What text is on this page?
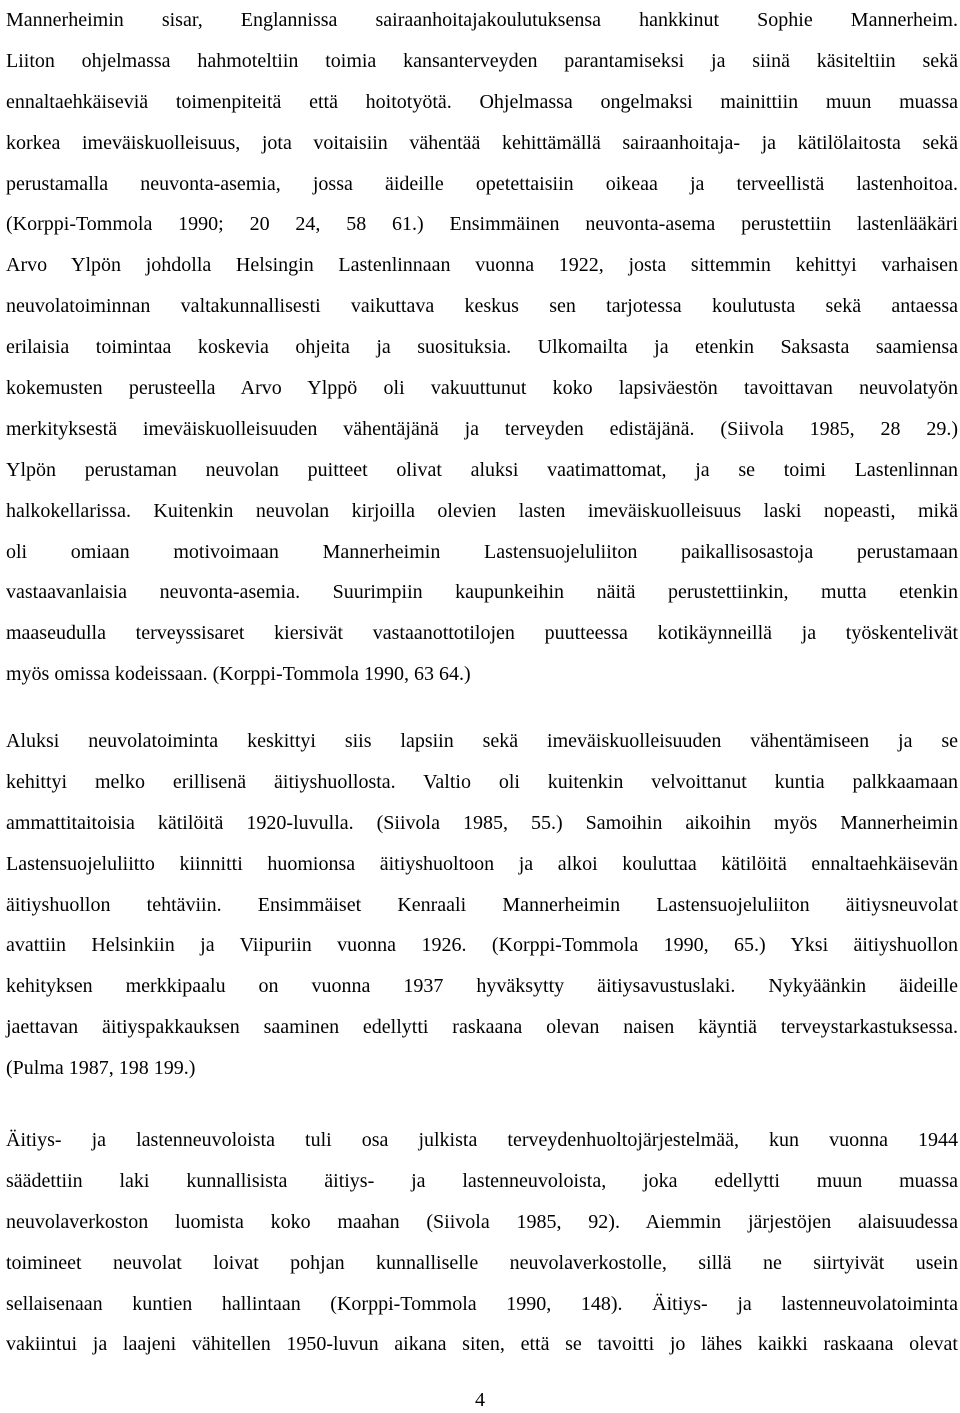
Mannerheimin sisar, Englannissa sairaanhoitajakoulutuksensa hankkinut Sophie Mannerheim.
Liiton ohjelmassa hahmoteltiin toimia kansanterveyden parantamiseksi ja siinä käsiteltiin sekä
ennaltaehkäiseviä toimenpiteitä että hoitotyötä. Ohjelmassa ongelmaksi mainittiin muun muassa
korkea imeväiskuolleisuus, jota voitaisiin vähentää kehittämällä sairaanhoitaja- ja kätilölaitosta sekä
perustamalla neuvonta-asemia, jossa äideille opetettaisiin oikeaa ja terveellistä lastenhoitoa.
(Korppi-Tommola 1990; 20 24, 58 61.) Ensimmäinen neuvonta-asema perustettiin lastenlääkäri
Arvo Ylpön johdolla Helsingin Lastenlinnaan vuonna 1922, josta sittemmin kehittyi varhaisen
neuvolatoiminnan valtakunnallisesti vaikuttava keskus sen tarjotessa koulutusta sekä antaessa
erilaisia toimintaa koskevia ohjeita ja suosituksia. Ulkomailta ja etenkin Saksasta saamiensa
kokemusten perusteella Arvo Ylppö oli vakuuttunut koko lapsiväestön tavoittavan neuvolatyön
merkityksestä imeväiskuolleisuuden vähentäjänä ja terveyden edistäjänä. (Siivola 1985, 28 29.)
Ylpön perustaman neuvolan puitteet olivat aluksi vaatimattomat, ja se toimi Lastenlinnan
halkokellarissa. Kuitenkin neuvolan kirjoilla olevien lasten imeväiskuolleisuus laski nopeasti, mikä
oli omiaan motivoimaan Mannerheimin Lastensuojeluliiton paikallisosastoja perustamaan
vastaavanlaisia neuvonta-asemia. Suurimpiin kaupunkeihin näitä perustettiinkin, mutta etenkin
maaseudulla terveyssisaret kiersivät vastaanottotilojen puutteessa kotikäynneillä ja työskentelivät
myös omissa kodeissaan. (Korppi-Tommola 1990, 63 64.)
Aluksi neuvolatoiminta keskittyi siis lapsiin sekä imeväiskuolleisuuden vähentämiseen ja se
kehittyi melko erillisenä äitiyshuollosta. Valtio oli kuitenkin velvoittanut kuntia palkkaamaan
ammattitaitoisia kätilöitä 1920-luvulla. (Siivola 1985, 55.) Samoihin aikoihin myös Mannerheimin
Lastensuojeluliitto kiinnitti huomionsa äitiyshuoltoon ja alkoi kouluttaa kätilöitä ennaltaehkäisevän
äitiyshuollon tehtäviin. Ensimmäiset Kenraali Mannerheimin Lastensuojeluliiton äitiysneuvolat
avattiin Helsinkiin ja Viipuriin vuonna 1926. (Korppi-Tommola 1990, 65.) Yksi äitiyshuollon
kehityksen merkkipaalu on vuonna 1937 hyväksytty äitiysavustuslaki. Nykyäänkin äideille
jaettavan äitiyspakkauksen saaminen edellytti raskaana olevan naisen käyntiä terveystarkastuksessa.
(Pulma 1987, 198 199.)
Äitiys- ja lastenneuvoloista tuli osa julkista terveydenhuoltojärjestelmää, kun vuonna 1944
säädettiin laki kunnallisista äitiys- ja lastenneuvoloista, joka edellytti muun muassa
neuvolaverkoston luomista koko maahan (Siivola 1985, 92). Aiemmin järjestöjen alaisuudessa
toimineet neuvolat loivat pohjan kunnalliselle neuvolaverkostolle, sillä ne siirtyivät usein
sellaisenaan kuntien hallintaan (Korppi-Tommola 1990, 148). Äitiys- ja lastenneuvolatoiminta
vakiintui ja laajeni vähitellen 1950-luvun aikana siten, että se tavoitti jo lähes kaikki raskaana olevat
4
